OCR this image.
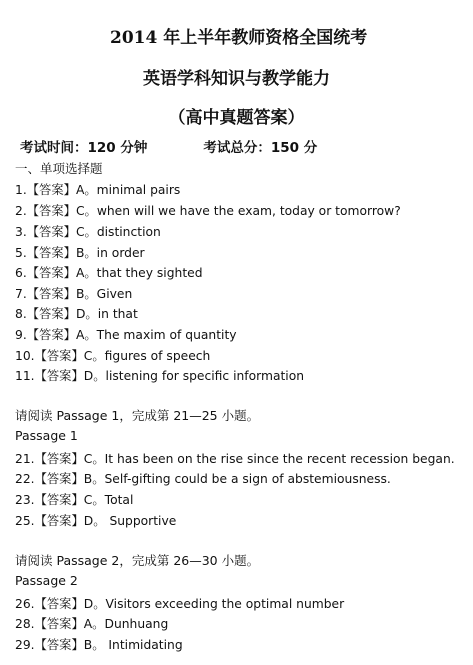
2014 年上半年教师资格全国统考
英语学科知识与教学能力
（高中真题答案）
考试时间：120 分钟	考试总分：150 分
一、单项选择题
1.【答案】A。minimal pairs
2.【答案】C。when will we have the exam, today or tomorrow?
3.【答案】C。distinction
5.【答案】B。in order
6.【答案】A。that they sighted
7.【答案】B。Given
8.【答案】D。in that
9.【答案】A。The maxim of quantity
10.【答案】C。figures of speech
11.【答案】D。listening for specific information
请阅读 Passage 1，完成第 21—25 小题。
Passage 1
21.【答案】C。It has been on the rise since the recent recession began.
22.【答案】B。Self-gifting could be a sign of abstemiousness.
23.【答案】C。Total
25.【答案】D。 Supportive
请阅读 Passage 2，完成第 26—30 小题。
Passage 2
26.【答案】D。Visitors exceeding the optimal number
28.【答案】A。Dunhuang
29.【答案】B。 Intimidating
